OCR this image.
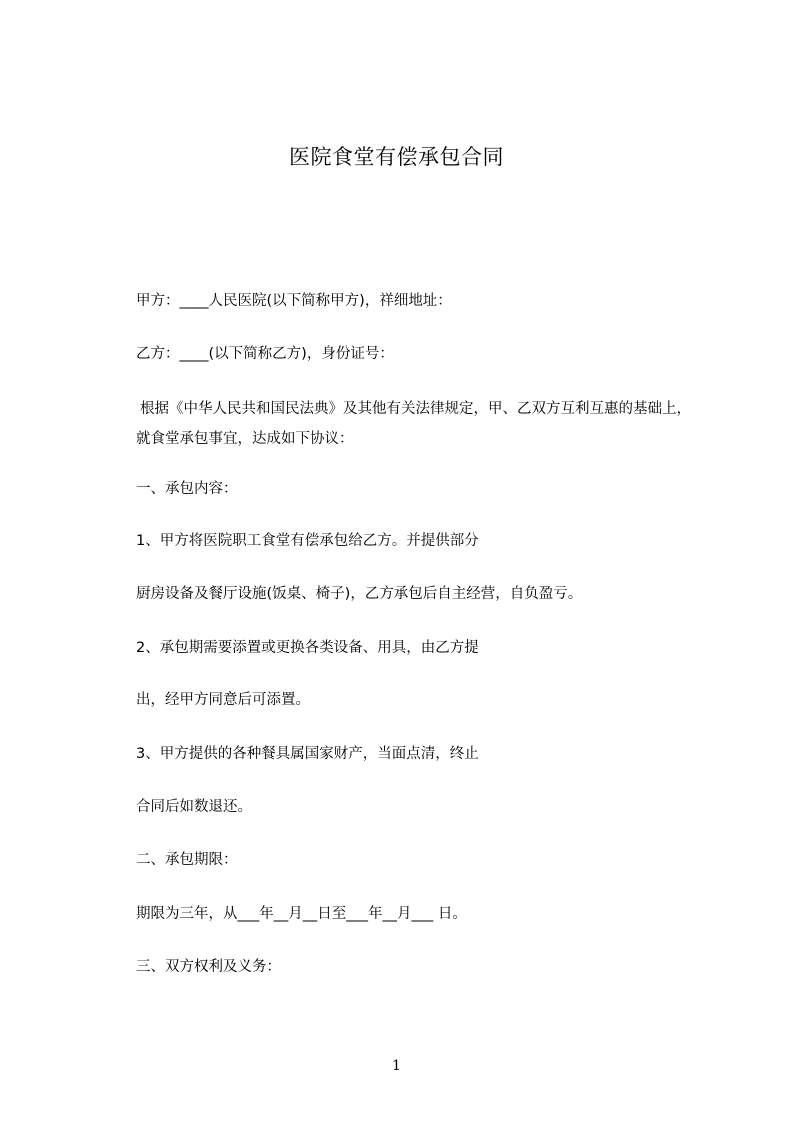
医院食堂有偿承包合同
甲方：____人民医院(以下简称甲方)，祥细地址：
乙方：____(以下简称乙方)，身份证号：
根据《中华人民共和国民法典》及其他有关法律规定，甲、乙双方互利互惠的基础上，就食堂承包事宜，达成如下协议：
一、承包内容：
1、甲方将医院职工食堂有偿承包给乙方。并提供部分
厨房设备及餐厅设施(饭桌、椅子)，乙方承包后自主经营，自负盈亏。
2、承包期需要添置或更换各类设备、用具，由乙方提
出，经甲方同意后可添置。
3、甲方提供的各种餐具属国家财产，当面点清，终止
合同后如数退还。
二、承包期限：
期限为三年，从___年__月__日至___年__月___ 日。
三、双方权利及义务：
1
